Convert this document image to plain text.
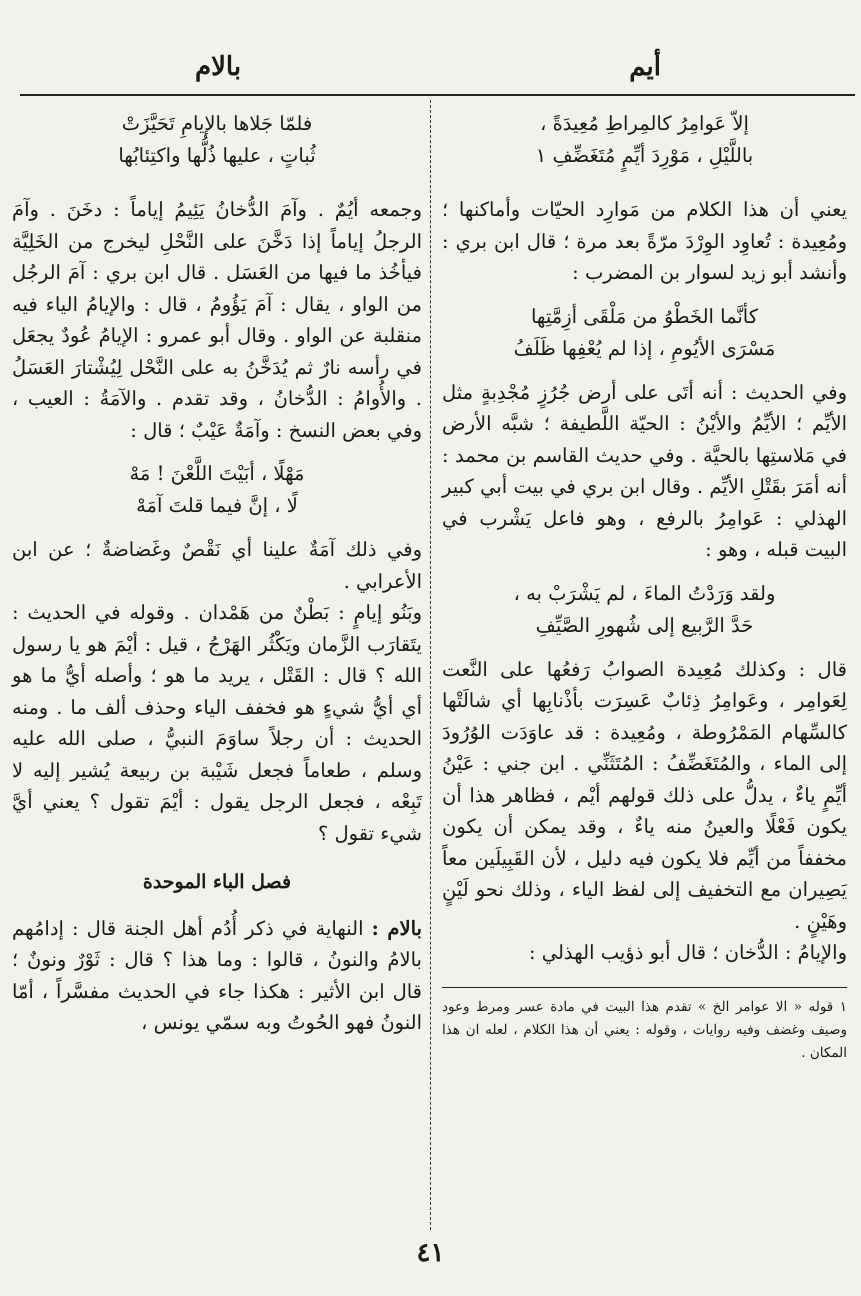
أيم
بالام
إلاّ عَوامِرُ كالمِراطِ مُعِيدَةً ،
باللَّيْلِ ، مَوْرِدَ أيِّمٍ مُتَغَضِّفِ ۱

يعني أن هذا الكلام من مَوارِد الحيّات وأماكنها ؛ ومُعِيدة : تُعاوِد الوِرْدَ مرّةً بعد مرة ؛ قال ابن بري : وأنشد أبو زيد لسوار بن المضرب :

كأنَّما الخَطْوُ من مَلْقَى أزِمَّتِها
مَسْرَى الأيُومِ ، إذا لم يُعْفِها ظَلَفُ

وفي الحديث : أنه أتَى على أرض جُرُزٍ مُجْدِبةٍ مثل الأيِّم ؛ الأيِّمُ والأيْنُ : الحيّة اللَّطيفة ؛ شبَّه الأرض في مَلاستِها بالحيَّة . وفي حديث القاسم بن محمد : أنه أمَرَ بقَتْلِ الأيِّم . وقال ابن بري في بيت أبي كبير الهذلي : عَوامِرُ بالرفع ، وهو فاعل يَشْرب في البيت قبله ، وهو :

ولقد وَرَدْتُ الماءَ ، لم يَشْرَبْ به ،
حَدَّ الرَّبيع إلى شُهورِ الصَّيِّفِ

قال : وكذلك مُعِيدة الصوابُ رَفعُها على النَّعت لِعَوامِر ، وعَوامِرُ ذِئابٌ عَسِرَت بأذْنابِها أي شالَتْها كالسِّهام المَمْرُوطة ، ومُعِيدة : قد عاوَدَت الوُرُودَ إلى الماء ، والمُتَغَضِّفُ : المُتَثَنِّي . ابن جني : عَيْنُ أيِّمٍ ياءٌ ، يدلُّ على ذلك قولهم أيْم ، فظاهر هذا أن يكون فَعْلًا والعينُ منه ياءٌ ، وقد يمكن أن يكون مخففاً من أيِّم فلا يكون فيه دليل ، لأن القَبِيلَين معاً يَصِيران مع التخفيف إلى لفظ الياء ، وذلك نحو لَيْنٍ وهَيْنٍ .

والإيامُ : الدُّخان ؛ قال أبو ذؤيب الهذلي :

۱ قوله « الا عوامر الخ » تقدم هذا البيت في مادة عسر ومرط وعود وصيف وغضف وفيه روايات ، وقوله : يعني أن هذا الكلام ، لعله ان هذا المكان .

فلمّا جَلاها بالإيامِ تَحَيَّزَتْ
ثُباتٍ ، عليها ذُلُّها واكتِئابُها

وجمعه أيُمٌ . وآمَ الدُّخانُ يَئِيمُ إياماً : دخَنَ . وآمَ الرجلُ إياماً إذا دَخَّنَ على النَّحْلِ ليخرج من الخَلِيَّة فيأخُذ ما فيها من العَسَل . قال ابن بري : آمَ الرجُل من الواو ، يقال : آمَ يَؤُومُ ، قال : والإيامُ الياء فيه منقلبة عن الواو . وقال أبو عمرو : الإيامُ عُودٌ يجعَل في رأسه نارٌ ثم يُدَخَّنُ به على النَّحْل لِيُشْتارَ العَسَلُ . والأُوامُ : الدُّخانُ ، وقد تقدم . والآمَةُ : العيب ، وفي بعض النسخ : وآمَةٌ عَيْبٌ ؛ قال :

مَهْلًا ، أبَيْتَ اللَّعْنَ ! مَهْ
لًا ، إنَّ فيما قلتَ آمَهْ

وفي ذلك آمَةٌ علينا أي نَقْصٌ وغَضاضةٌ ؛ عن ابن الأعرابي .

وبَنُو إيامٍ : بَطْنٌ من هَمْدان . وقوله في الحديث : يتَقارَب الزَّمان ويَكْثُر الهَرْجُ ، قيل : أيْمَ هو يا رسول الله ؟ قال : القَتْل ، يريد ما هو ؛ وأصله أيُّ ما هو أي أيُّ شيءٍ هو فخفف الياء وحذف ألف ما . ومنه الحديث : أن رجلاً ساوَمَ النبيُّ ، صلى الله عليه وسلم ، طعاماً فجعل شَيْبة بن ربيعة يُشير إليه لا تَبِعْه ، فجعل الرجل يقول : أيْمَ تقول ؟ يعني أيَّ شيء تقول ؟

فصل الباء الموحدة

بالام : النهاية في ذكر أُدُم أهل الجنة قال : إدامُهم بالامُ والنونُ ، قالوا : وما هذا ؟ قال : ثَوْرٌ ونونٌ ؛ قال ابن الأثير : هكذا جاء في الحديث مفسَّراً ، أمّا النونُ فهو الحُوتُ وبه سمّي يونس ،

٤١
